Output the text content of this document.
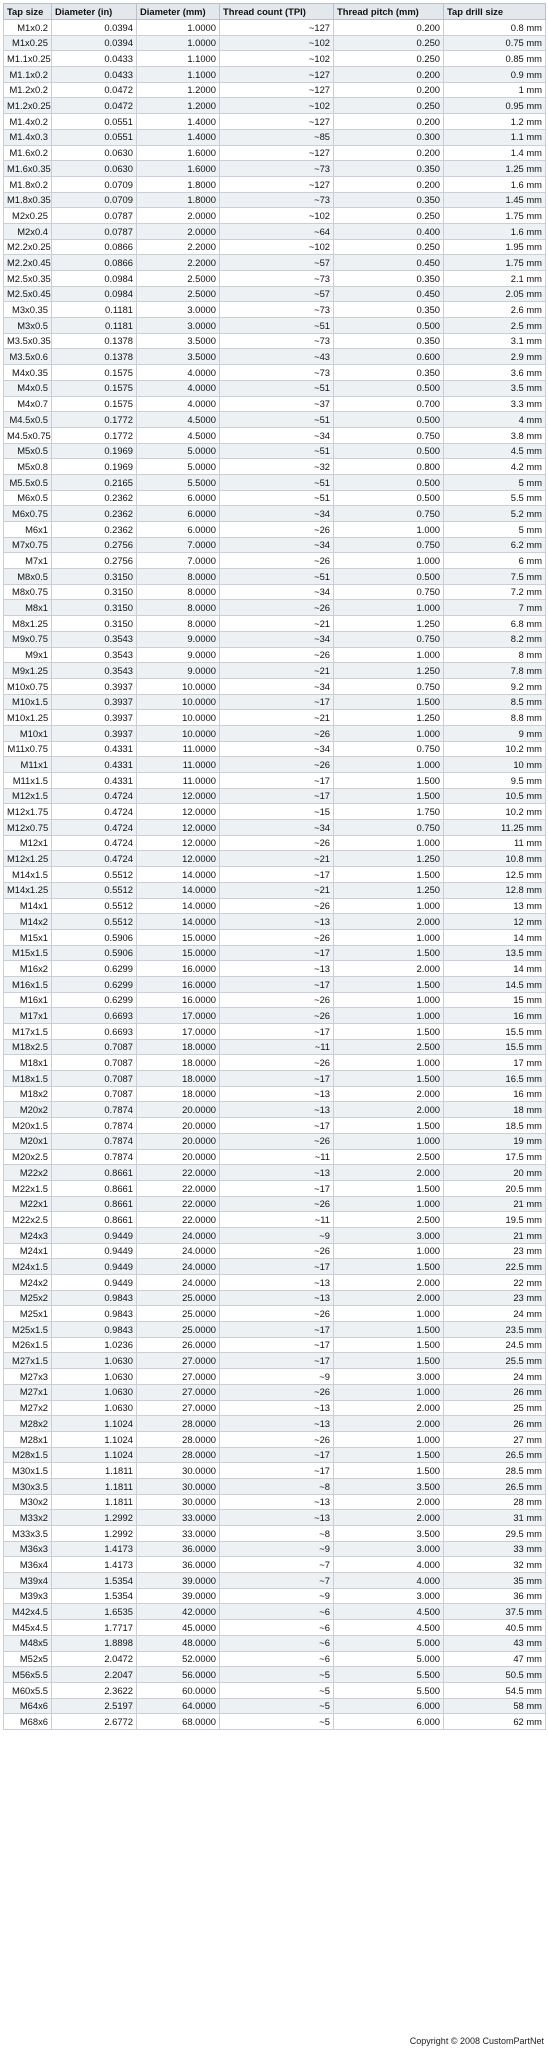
Tap size	Diameter (in)	Diameter (mm)	Thread count (TPI)	Thread pitch (mm)	Tap drill size
M1x0.2	0.0394	1.0000	~127	0.200	0.8 mm
M1x0.25	0.0394	1.0000	~102	0.250	0.75 mm
M1.1x0.25	0.0433	1.1000	~102	0.250	0.85 mm
M1.1x0.2	0.0433	1.1000	~127	0.200	0.9 mm
M1.2x0.2	0.0472	1.2000	~127	0.200	1 mm
M1.2x0.25	0.0472	1.2000	~102	0.250	0.95 mm
M1.4x0.2	0.0551	1.4000	~127	0.200	1.2 mm
M1.4x0.3	0.0551	1.4000	~85	0.300	1.1 mm
M1.6x0.2	0.0630	1.6000	~127	0.200	1.4 mm
M1.6x0.35	0.0630	1.6000	~73	0.350	1.25 mm
M1.8x0.2	0.0709	1.8000	~127	0.200	1.6 mm
M1.8x0.35	0.0709	1.8000	~73	0.350	1.45 mm
M2x0.25	0.0787	2.0000	~102	0.250	1.75 mm
M2x0.4	0.0787	2.0000	~64	0.400	1.6 mm
M2.2x0.25	0.0866	2.2000	~102	0.250	1.95 mm
M2.2x0.45	0.0866	2.2000	~57	0.450	1.75 mm
M2.5x0.35	0.0984	2.5000	~73	0.350	2.1 mm
M2.5x0.45	0.0984	2.5000	~57	0.450	2.05 mm
M3x0.35	0.1181	3.0000	~73	0.350	2.6 mm
M3x0.5	0.1181	3.0000	~51	0.500	2.5 mm
M3.5x0.35	0.1378	3.5000	~73	0.350	3.1 mm
M3.5x0.6	0.1378	3.5000	~43	0.600	2.9 mm
M4x0.35	0.1575	4.0000	~73	0.350	3.6 mm
M4x0.5	0.1575	4.0000	~51	0.500	3.5 mm
M4x0.7	0.1575	4.0000	~37	0.700	3.3 mm
M4.5x0.5	0.1772	4.5000	~51	0.500	4 mm
M4.5x0.75	0.1772	4.5000	~34	0.750	3.8 mm
M5x0.5	0.1969	5.0000	~51	0.500	4.5 mm
M5x0.8	0.1969	5.0000	~32	0.800	4.2 mm
M5.5x0.5	0.2165	5.5000	~51	0.500	5 mm
M6x0.5	0.2362	6.0000	~51	0.500	5.5 mm
M6x0.75	0.2362	6.0000	~34	0.750	5.2 mm
M6x1	0.2362	6.0000	~26	1.000	5 mm
M7x0.75	0.2756	7.0000	~34	0.750	6.2 mm
M7x1	0.2756	7.0000	~26	1.000	6 mm
M8x0.5	0.3150	8.0000	~51	0.500	7.5 mm
M8x0.75	0.3150	8.0000	~34	0.750	7.2 mm
M8x1	0.3150	8.0000	~26	1.000	7 mm
M8x1.25	0.3150	8.0000	~21	1.250	6.8 mm
M9x0.75	0.3543	9.0000	~34	0.750	8.2 mm
M9x1	0.3543	9.0000	~26	1.000	8 mm
M9x1.25	0.3543	9.0000	~21	1.250	7.8 mm
M10x0.75	0.3937	10.0000	~34	0.750	9.2 mm
M10x1.5	0.3937	10.0000	~17	1.500	8.5 mm
M10x1.25	0.3937	10.0000	~21	1.250	8.8 mm
M10x1	0.3937	10.0000	~26	1.000	9 mm
M11x0.75	0.4331	11.0000	~34	0.750	10.2 mm
M11x1	0.4331	11.0000	~26	1.000	10 mm
M11x1.5	0.4331	11.0000	~17	1.500	9.5 mm
M12x1.5	0.4724	12.0000	~17	1.500	10.5 mm
M12x1.75	0.4724	12.0000	~15	1.750	10.2 mm
M12x0.75	0.4724	12.0000	~34	0.750	11.25 mm
M12x1	0.4724	12.0000	~26	1.000	11 mm
M12x1.25	0.4724	12.0000	~21	1.250	10.8 mm
M14x1.5	0.5512	14.0000	~17	1.500	12.5 mm
M14x1.25	0.5512	14.0000	~21	1.250	12.8 mm
M14x1	0.5512	14.0000	~26	1.000	13 mm
M14x2	0.5512	14.0000	~13	2.000	12 mm
M15x1	0.5906	15.0000	~26	1.000	14 mm
M15x1.5	0.5906	15.0000	~17	1.500	13.5 mm
M16x2	0.6299	16.0000	~13	2.000	14 mm
M16x1.5	0.6299	16.0000	~17	1.500	14.5 mm
M16x1	0.6299	16.0000	~26	1.000	15 mm
M17x1	0.6693	17.0000	~26	1.000	16 mm
M17x1.5	0.6693	17.0000	~17	1.500	15.5 mm
M18x2.5	0.7087	18.0000	~11	2.500	15.5 mm
M18x1	0.7087	18.0000	~26	1.000	17 mm
M18x1.5	0.7087	18.0000	~17	1.500	16.5 mm
M18x2	0.7087	18.0000	~13	2.000	16 mm
M20x2	0.7874	20.0000	~13	2.000	18 mm
M20x1.5	0.7874	20.0000	~17	1.500	18.5 mm
M20x1	0.7874	20.0000	~26	1.000	19 mm
M20x2.5	0.7874	20.0000	~11	2.500	17.5 mm
M22x2	0.8661	22.0000	~13	2.000	20 mm
M22x1.5	0.8661	22.0000	~17	1.500	20.5 mm
M22x1	0.8661	22.0000	~26	1.000	21 mm
M22x2.5	0.8661	22.0000	~11	2.500	19.5 mm
M24x3	0.9449	24.0000	~9	3.000	21 mm
M24x1	0.9449	24.0000	~26	1.000	23 mm
M24x1.5	0.9449	24.0000	~17	1.500	22.5 mm
M24x2	0.9449	24.0000	~13	2.000	22 mm
M25x2	0.9843	25.0000	~13	2.000	23 mm
M25x1	0.9843	25.0000	~26	1.000	24 mm
M25x1.5	0.9843	25.0000	~17	1.500	23.5 mm
M26x1.5	1.0236	26.0000	~17	1.500	24.5 mm
M27x1.5	1.0630	27.0000	~17	1.500	25.5 mm
M27x3	1.0630	27.0000	~9	3.000	24 mm
M27x1	1.0630	27.0000	~26	1.000	26 mm
M27x2	1.0630	27.0000	~13	2.000	25 mm
M28x2	1.1024	28.0000	~13	2.000	26 mm
M28x1	1.1024	28.0000	~26	1.000	27 mm
M28x1.5	1.1024	28.0000	~17	1.500	26.5 mm
M30x1.5	1.1811	30.0000	~17	1.500	28.5 mm
M30x3.5	1.1811	30.0000	~8	3.500	26.5 mm
M30x2	1.1811	30.0000	~13	2.000	28 mm
M33x2	1.2992	33.0000	~13	2.000	31 mm
M33x3.5	1.2992	33.0000	~8	3.500	29.5 mm
M36x3	1.4173	36.0000	~9	3.000	33 mm
M36x4	1.4173	36.0000	~7	4.000	32 mm
M39x4	1.5354	39.0000	~7	4.000	35 mm
M39x3	1.5354	39.0000	~9	3.000	36 mm
M42x4.5	1.6535	42.0000	~6	4.500	37.5 mm
M45x4.5	1.7717	45.0000	~6	4.500	40.5 mm
M48x5	1.8898	48.0000	~6	5.000	43 mm
M52x5	2.0472	52.0000	~6	5.000	47 mm
M56x5.5	2.2047	56.0000	~5	5.500	50.5 mm
M60x5.5	2.3622	60.0000	~5	5.500	54.5 mm
M64x6	2.5197	64.0000	~5	6.000	58 mm
M68x6	2.6772	68.0000	~5	6.000	62 mm
Copyright © 2008 CustomPartNet
